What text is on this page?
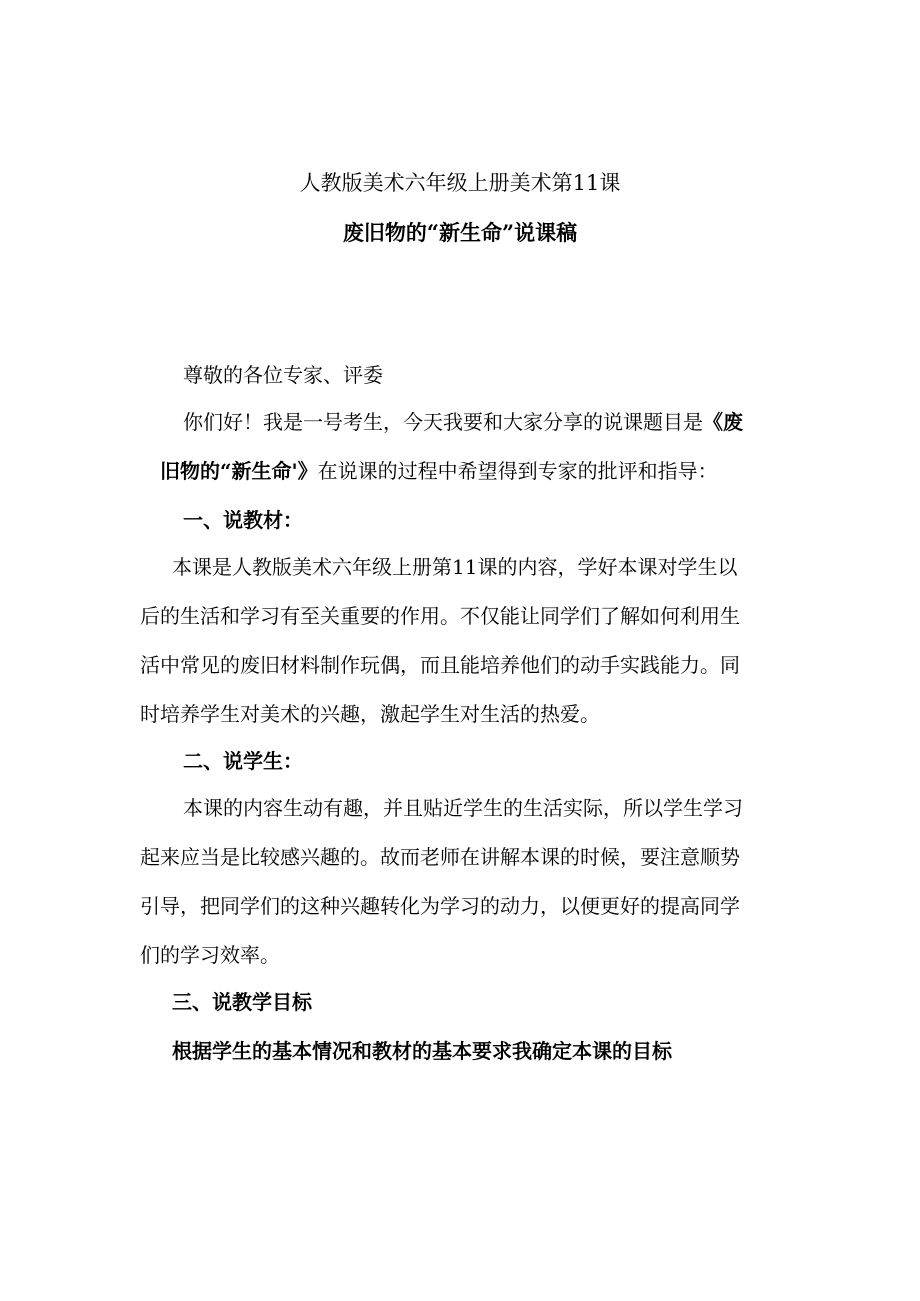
人教版美术六年级上册美术第11课
废旧物的“新生命”说课稿
尊敬的各位专家、评委
你们好！我是一号考生，今天我要和大家分享的说课题目是《废
旧物的“新生命'》在说课的过程中希望得到专家的批评和指导：
一、说教材：
本课是人教版美术六年级上册第11课的内容，学好本课对学生以
后的生活和学习有至关重要的作用。不仅能让同学们了解如何利用生
活中常见的废旧材料制作玩偶，而且能培养他们的动手实践能力。同
时培养学生对美术的兴趣，激起学生对生活的热爱。
二、说学生：
本课的内容生动有趣，并且贴近学生的生活实际，所以学生学习
起来应当是比较感兴趣的。故而老师在讲解本课的时候，要注意顺势
引导，把同学们的这种兴趣转化为学习的动力，以便更好的提高同学
们的学习效率。
三、说教学目标
根据学生的基本情况和教材的基本要求我确定本课的目标
